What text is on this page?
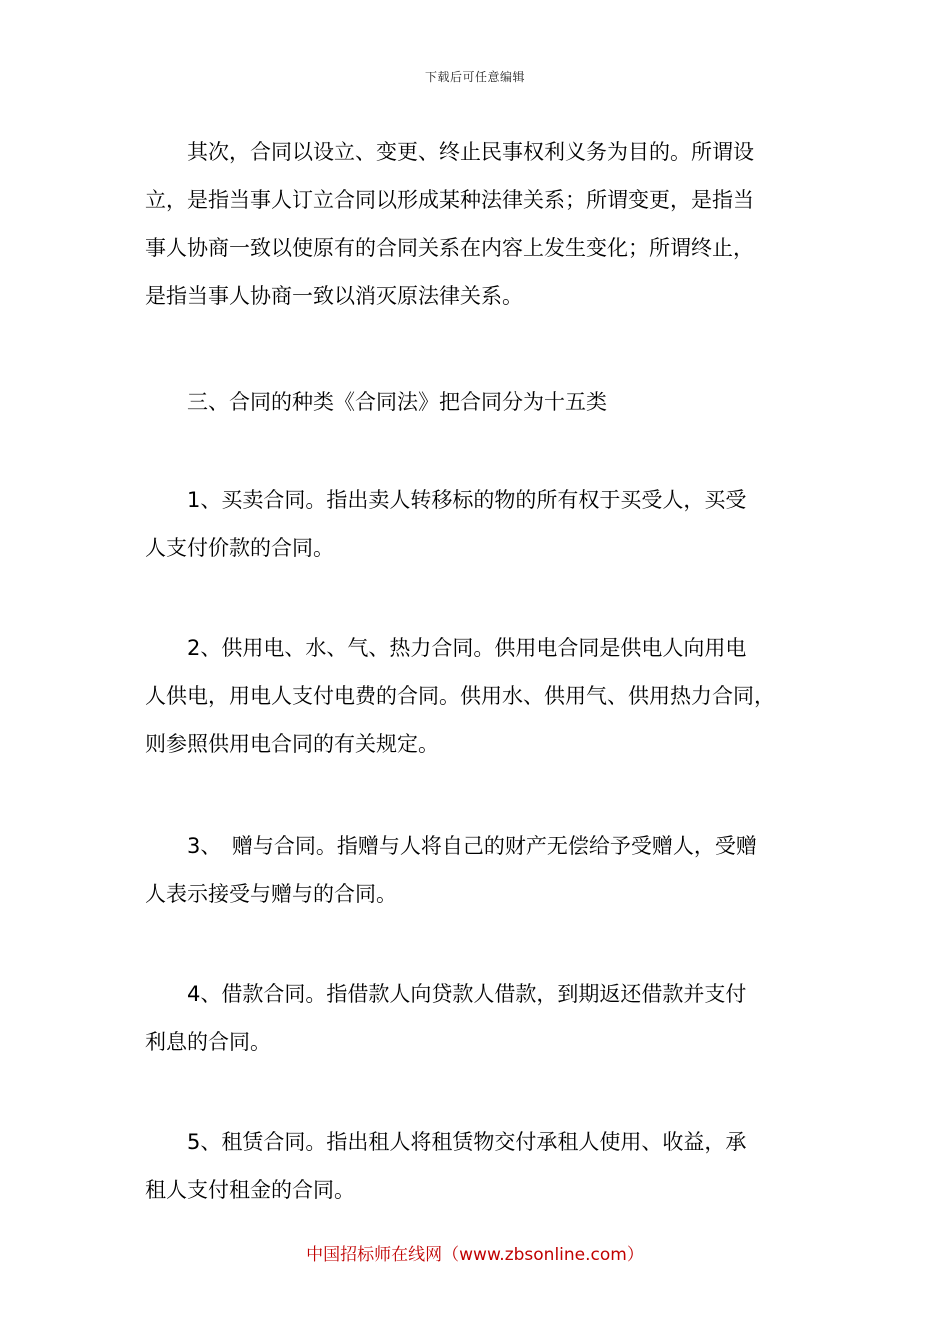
下载后可任意编辑
　　其次，合同以设立、变更、终止民事权利义务为目的。所谓设
立，是指当事人订立合同以形成某种法律关系；所谓变更，是指当
事人协商一致以使原有的合同关系在内容上发生变化；所谓终止，
是指当事人协商一致以消灭原法律关系。
　　三、合同的种类《合同法》把合同分为十五类
　　1、买卖合同。指出卖人转移标的物的所有权于买受人，买受
人支付价款的合同。
　　2、供用电、水、气、热力合同。供用电合同是供电人向用电
人供电，用电人支付电费的合同。供用水、供用气、供用热力合同，
则参照供用电合同的有关规定。
　　3、　赠与合同。指赠与人将自己的财产无偿给予受赠人，受赠
人表示接受与赠与的合同。
　　4、借款合同。指借款人向贷款人借款，到期返还借款并支付
利息的合同。
　　5、租赁合同。指出租人将租赁物交付承租人使用、收益，承
租人支付租金的合同。
中国招标师在线网（www.zbsonline.com）
